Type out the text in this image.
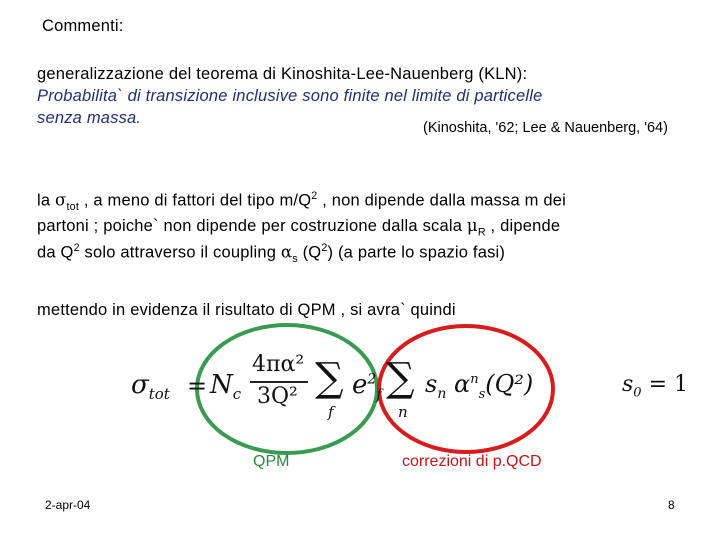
Commenti:
generalizzazione del teorema di Kinoshita-Lee-Nauenberg (KLN):
Probabilita` di transizione inclusive sono finite nel limite di particelle
senza massa.
(Kinoshita, '62; Lee & Nauenberg, '64)
la $\sigma_{tot}$ , a meno di fattori del tipo $m/Q^2$ , non dipende dalla massa m dei
partoni ; poiche` non dipende per costruzione dalla scala $\mu_R$ , dipende
da $Q^2$ solo attraverso il coupling $\alpha_s$ $(Q^2)$ (a parte lo spazio fasi)
mettendo in evidenza il risultato di QPM , si avra` quindi
$\sigma_{tot} = N_c$
4πα²
3Q² ∑
f
$e^2_f$ ∑
n
$s_n$ $\alpha^n_s(Q^2)$	$s_0 = 1$
QPM	correzioni di p.QCD
2-apr-04	8
